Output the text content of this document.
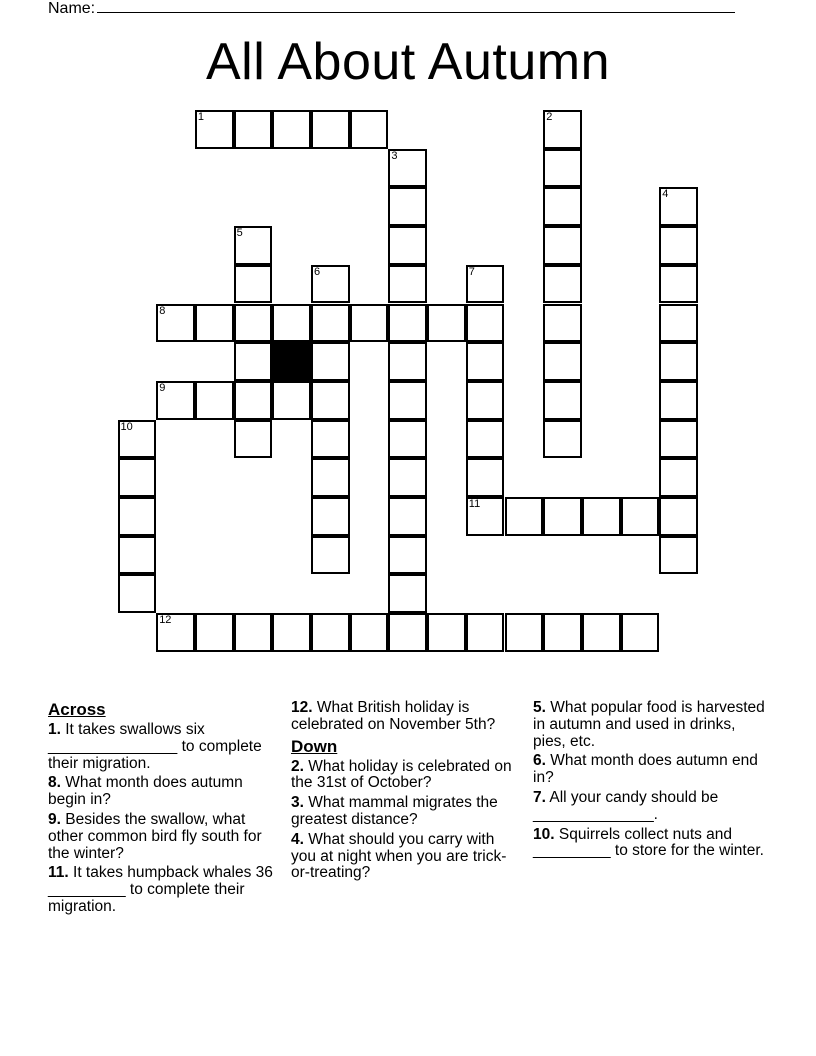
Name:
All About Autumn
1	2
3
4
5
6	7
8
9
10
11
12
Across

1. It takes swallows six _______________ to complete their migration.

8. What month does autumn begin in?

9. Besides the swallow, what other common bird fly south for the winter?

11. It takes humpback whales 36 _________ to complete their migration.

12. What British holiday is celebrated on November 5th?

Down

2. What holiday is celebrated on the 31st of October?

3. What mammal migrates the greatest distance?

4. What should you carry with you at night when you are trick-or-treating?

5. What popular food is harvested in autumn and used in drinks, pies, etc.

6. What month does autumn end in?

7. All your candy should be ______________.

10. Squirrels collect nuts and _________ to store for the winter.
